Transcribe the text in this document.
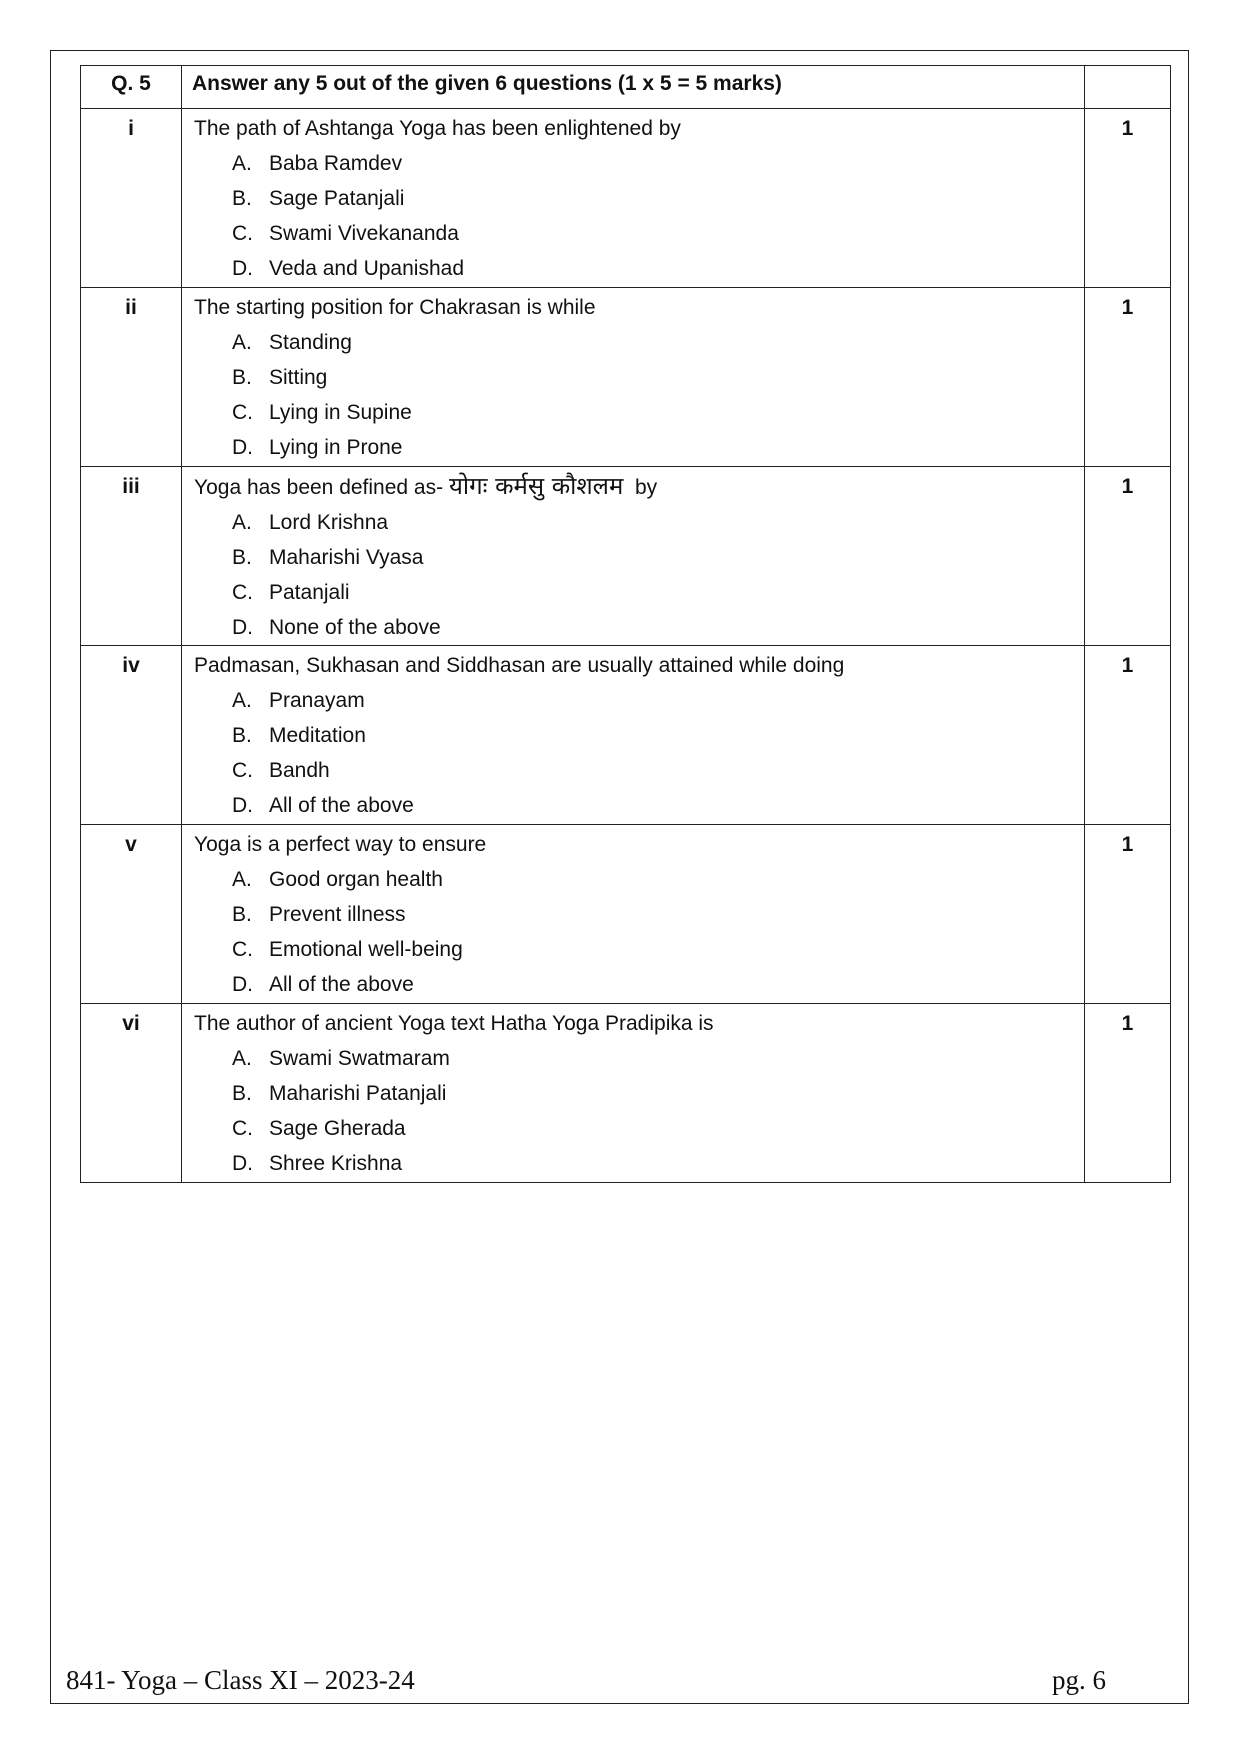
Q. 5	Answer any 5 out of the given 6 questions (1 x 5 = 5 marks)	
i	The path of Ashtanga Yoga has been enlightened by
A. Baba Ramdev
B. Sage Patanjali
C. Swami Vivekananda
D. Veda and Upanishad	1
ii	The starting position for Chakrasan is while
A. Standing
B. Sitting
C. Lying in Supine
D. Lying in Prone	1
iii	Yoga has been defined as- योगः कर्मसु कौशलम by
A. Lord Krishna
B. Maharishi Vyasa
C. Patanjali
D. None of the above	1
iv	Padmasan, Sukhasan and Siddhasan are usually attained while doing
A. Pranayam
B. Meditation
C. Bandh
D. All of the above	1
v	Yoga is a perfect way to ensure
A. Good organ health
B. Prevent illness
C. Emotional well-being
D. All of the above	1
vi	The author of ancient Yoga text Hatha Yoga Pradipika is
A. Swami Swatmaram
B. Maharishi Patanjali
C. Sage Gherada
D. Shree Krishna	1
841- Yoga – Class XI – 2023-24	pg. 6
